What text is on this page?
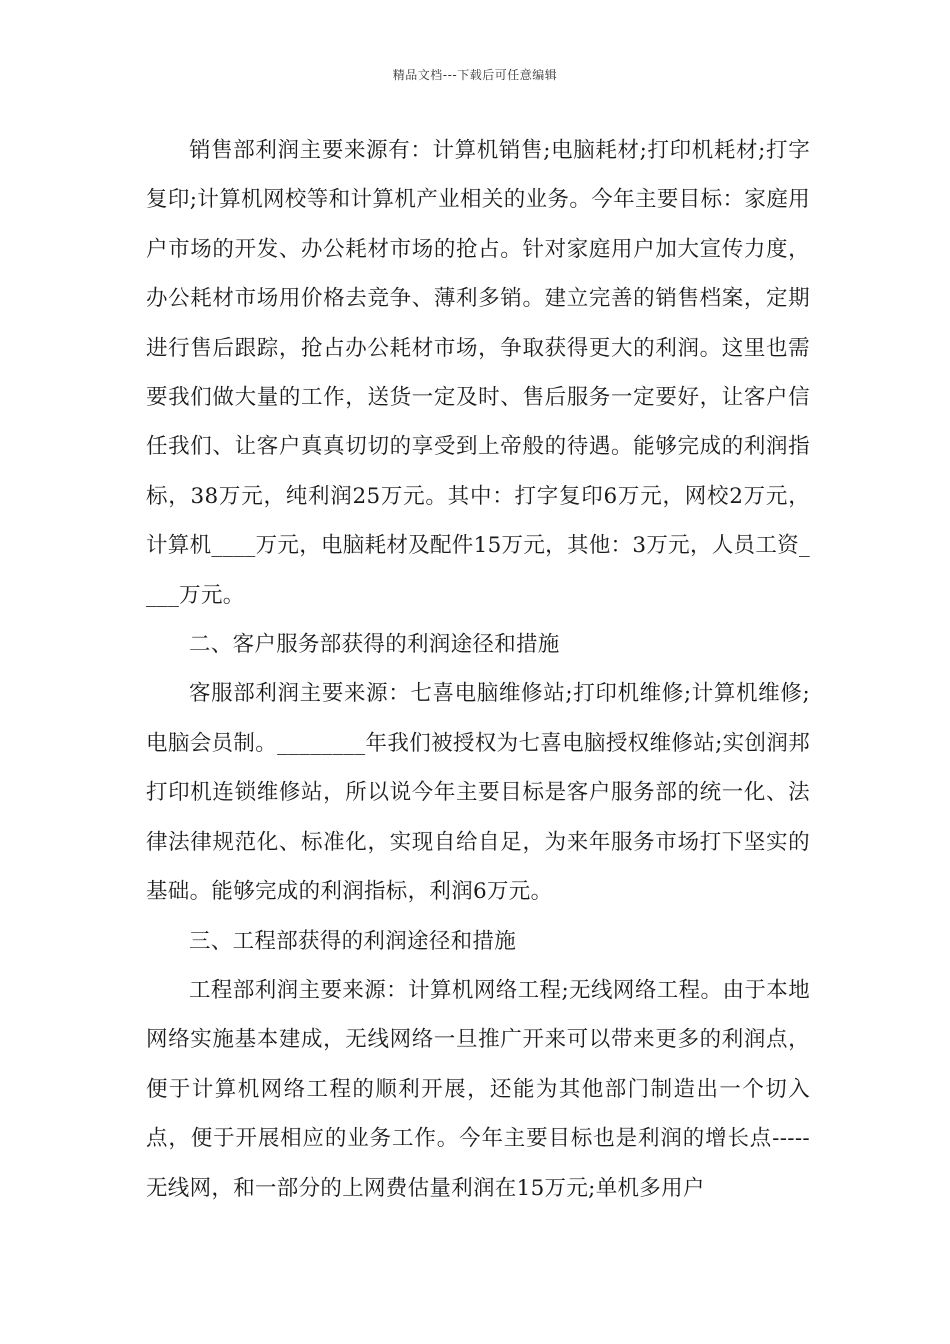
精品文档---下载后可任意编辑

销售部利润主要来源有：计算机销售;电脑耗材;打印机耗材;打字复印;计算机网校等和计算机产业相关的业务。今年主要目标：家庭用户市场的开发、办公耗材市场的抢占。针对家庭用户加大宣传力度，办公耗材市场用价格去竞争、薄利多销。建立完善的销售档案，定期进行售后跟踪，抢占办公耗材市场，争取获得更大的利润。这里也需要我们做大量的工作，送货一定及时、售后服务一定要好，让客户信任我们、让客户真真切切的享受到上帝般的待遇。能够完成的利润指标，38万元，纯利润25万元。其中：打字复印6万元，网校2万元，计算机____万元，电脑耗材及配件15万元，其他：3万元，人员工资____万元。

二、客户服务部获得的利润途径和措施

客服部利润主要来源：七喜电脑维修站;打印机维修;计算机维修;电脑会员制。________年我们被授权为七喜电脑授权维修站;实创润邦打印机连锁维修站，所以说今年主要目标是客户服务部的统一化、法律法律规范化、标准化，实现自给自足，为来年服务市场打下坚实的基础。能够完成的利润指标，利润6万元。

三、工程部获得的利润途径和措施

工程部利润主要来源：计算机网络工程;无线网络工程。由于本地网络实施基本建成，无线网络一旦推广开来可以带来更多的利润点，便于计算机网络工程的顺利开展，还能为其他部门制造出一个切入点，便于开展相应的业务工作。今年主要目标也是利润的增长点-----无线网，和一部分的上网费估量利润在15万元;单机多用户
